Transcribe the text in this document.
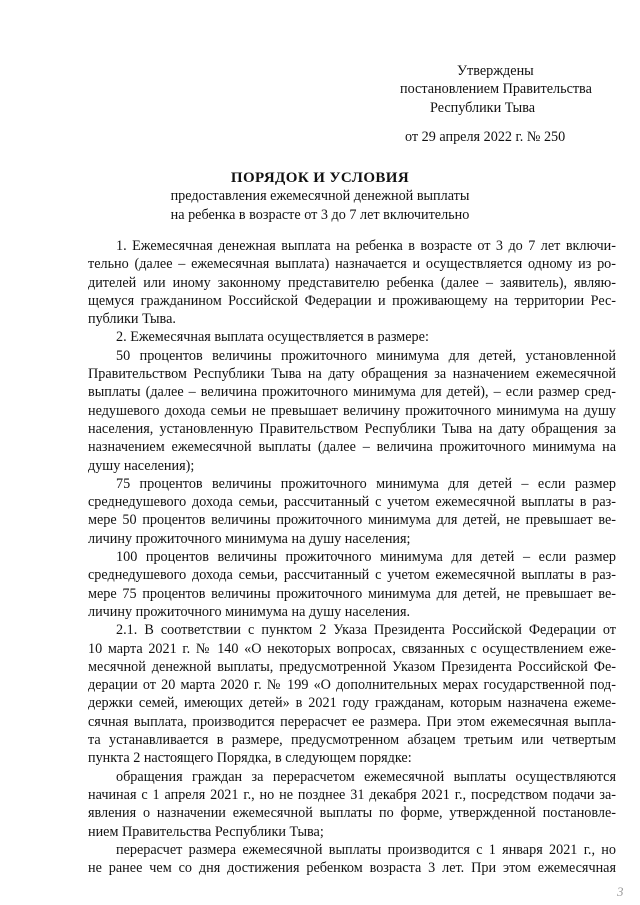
Утверждены
постановлением Правительства
Республики Тыва
от 29 апреля 2022 г. № 250
ПОРЯДОК И УСЛОВИЯ
предоставления ежемесячной денежной выплаты
на ребенка в возрасте от 3 до 7 лет включительно
1. Ежемесячная денежная выплата на ребенка в возрасте от 3 до 7 лет включи-
тельно (далее – ежемесячная выплата) назначается и осуществляется одному из ро-
дителей или иному законному представителю ребенка (далее – заявитель), являю-
щемуся гражданином Российской Федерации и проживающему на территории Рес-
публики Тыва.
2. Ежемесячная выплата осуществляется в размере:
50 процентов величины прожиточного минимума для детей, установленной
Правительством Республики Тыва на дату обращения за назначением ежемесячной
выплаты (далее – величина прожиточного минимума для детей), – если размер сред-
недушевого дохода семьи не превышает величину прожиточного минимума на душу
населения, установленную Правительством Республики Тыва на дату обращения за
назначением ежемесячной выплаты (далее – величина прожиточного минимума на
душу населения);
75 процентов величины прожиточного минимума для детей – если размер
среднедушевого дохода семьи, рассчитанный с учетом ежемесячной выплаты в раз-
мере 50 процентов величины прожиточного минимума для детей, не превышает ве-
личину прожиточного минимума на душу населения;
100 процентов величины прожиточного минимума для детей – если размер
среднедушевого дохода семьи, рассчитанный с учетом ежемесячной выплаты в раз-
мере 75 процентов величины прожиточного минимума для детей, не превышает ве-
личину прожиточного минимума на душу населения.
2.1. В соответствии с пунктом 2 Указа Президента Российской Федерации от
10 марта 2021 г. № 140 «О некоторых вопросах, связанных с осуществлением еже-
месячной денежной выплаты, предусмотренной Указом Президента Российской Фе-
дерации от 20 марта 2020 г. № 199 «О дополнительных мерах государственной под-
держки семей, имеющих детей» в 2021 году гражданам, которым назначена ежеме-
сячная выплата, производится перерасчет ее размера. При этом ежемесячная выпла-
та устанавливается в размере, предусмотренном абзацем третьим или четвертым
пункта 2 настоящего Порядка, в следующем порядке:
обращения граждан за перерасчетом ежемесячной выплаты осуществляются
начиная с 1 апреля 2021 г., но не позднее 31 декабря 2021 г., посредством подачи за-
явления о назначении ежемесячной выплаты по форме, утвержденной постановле-
нием Правительства Республики Тыва;
перерасчет размера ежемесячной выплаты производится с 1 января 2021 г., но
не ранее чем со дня достижения ребенком возраста 3 лет. При этом ежемесячная
3
